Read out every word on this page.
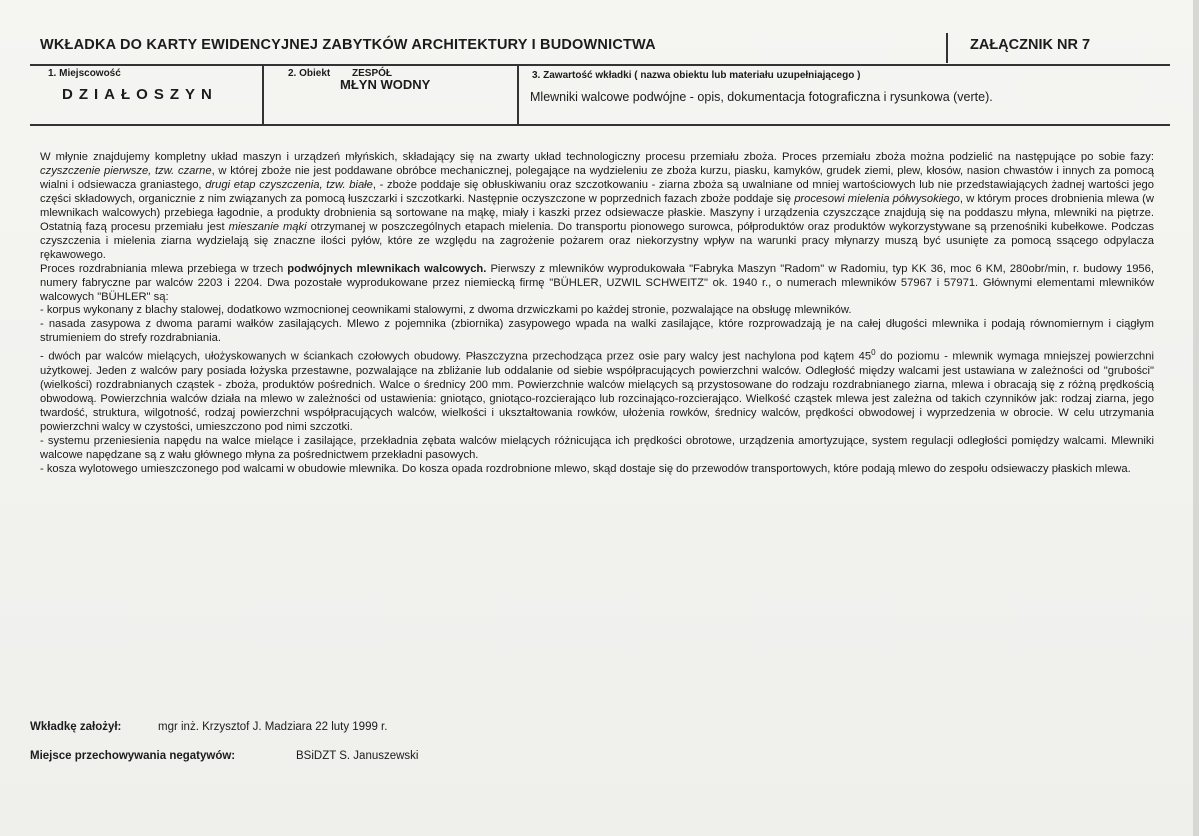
WKŁADKA DO KARTY EWIDENCYJNEJ ZABYTKÓW ARCHITEKTURY I BUDOWNICTWA	ZAŁĄCZNIK NR 7
1. Miejscowość
DZIAŁOSZYN
2. Obiekt ZESPÓŁ
MŁYN WODNY
3. Zawartość wkładki ( nazwa obiektu lub materiału uzupełniającego )
Mlewniki walcowe podwójne - opis, dokumentacja fotograficzna i rysunkowa (verte).

W młynie znajdujemy kompletny układ maszyn i urządzeń młyńskich, składający się na zwarty układ technologiczny procesu przemiału zboża. Proces przemiału zboża można podzielić na następujące po sobie fazy: czyszczenie pierwsze, tzw. czarne, w której zboże nie jest poddawane obróbce mechanicznej, polegające na wydzieleniu ze zboża kurzu, piasku, kamyków, grudek ziemi, plew, kłosów, nasion chwastów i innych za pomocą wialni i odsiewacza graniastego, drugi etap czyszczenia, tzw. białe, - zboże poddaje się obłuskiwaniu oraz szczotkowaniu - ziarna zboża są uwalniane od mniej wartościowych lub nie przedstawiających żadnej wartości jego części składowych, organicznie z nim związanych za pomocą łuszczarki i szczotkarki. Następnie oczyszczone w poprzednich fazach zboże poddaje się procesowi mielenia półwysokiego, w którym proces drobnienia mlewa (w mlewnikach walcowych) przebiega łagodnie, a produkty drobnienia są sortowane na mąkę, miały i kaszki przez odsiewacze płaskie. Maszyny i urządzenia czyszczące znajdują się na poddaszu młyna, mlewniki na piętrze. Ostatnią fazą procesu przemiału jest mieszanie mąki otrzymanej w poszczególnych etapach mielenia. Do transportu pionowego surowca, półproduktów oraz produktów wykorzystywane są przenośniki kubełkowe. Podczas czyszczenia i mielenia ziarna wydzielają się znaczne ilości pyłów, które ze względu na zagrożenie pożarem oraz niekorzystny wpływ na warunki pracy młynarzy muszą być usunięte za pomocą ssącego odpylacza rękawowego.

Proces rozdrabniania mlewa przebiega w trzech podwójnych mlewnikach walcowych. Pierwszy z mlewników wyprodukowała "Fabryka Maszyn "Radom" w Radomiu, typ KK 36, moc 6 KM, 280obr/min, r. budowy 1956, numery fabryczne par walców 2203 i 2204. Dwa pozostałe wyprodukowane przez niemiecką firmę "BÜHLER, UZWIL SCHWEITZ" ok. 1940 r., o numerach mlewników 57967 i 57971. Głównymi elementami mlewników walcowych "BÜHLER" są:

- korpus wykonany z blachy stalowej, dodatkowo wzmocnionej ceownikami stalowymi, z dwoma drzwiczkami po każdej stronie, pozwalające na obsługę mlewników.

- nasada zasypowa z dwoma parami wałków zasilających. Mlewo z pojemnika (zbiornika) zasypowego wpada na walki zasilające, które rozprowadzają je na całej długości mlewnika i podają równomiernym i ciągłym strumieniem do strefy rozdrabniania.

- dwóch par walców mielących, ułożyskowanych w ściankach czołowych obudowy. Płaszczyzna przechodząca przez osie pary walcy jest nachylona pod kątem $45^0$ do poziomu - mlewnik wymaga mniejszej powierzchni użytkowej. Jeden z walców pary posiada łożyska przestawne, pozwalające na zbliżanie lub oddalanie od siebie współpracujących powierzchni walców. Odległość między walcami jest ustawiana w zależności od "grubości" (wielkości) rozdrabnianych cząstek - zboża, produktów pośrednich. Walce o średnicy 200 mm. Powierzchnie walców mielących są przystosowane do rodzaju rozdrabnianego ziarna, mlewa i obracają się z różną prędkością obwodową. Powierzchnia walców działa na mlewo w zależności od ustawienia: gniotąco, gniotąco-rozcierająco lub rozcinająco-rozcierająco. Wielkość cząstek mlewa jest zależna od takich czynników jak: rodzaj ziarna, jego twardość, struktura, wilgotność, rodzaj powierzchni współpracujących walców, wielkości i ukształtowania rowków, ułożenia rowków, średnicy walców, prędkości obwodowej i wyprzedzenia w obrocie. W celu utrzymania powierzchni walcy w czystości, umieszczono pod nimi szczotki.

- systemu przeniesienia napędu na walce mielące i zasilające, przekładnia zębata walców mielących różnicująca ich prędkości obrotowe, urządzenia amortyzujące, system regulacji odległości pomiędzy walcami. Mlewniki walcowe napędzane są z wału głównego młyna za pośrednictwem przekładni pasowych.

- kosza wylotowego umieszczonego pod walcami w obudowie mlewnika. Do kosza opada rozdrobnione mlewo, skąd dostaje się do przewodów transportowych, które podają mlewo do zespołu odsiewaczy płaskich mlewa.

Wkładkę założył:	mgr inż. Krzysztof J. Madziara 22 luty 1999 r.
Miejsce przechowywania negatywów:	BSiDZT S. Januszewski
